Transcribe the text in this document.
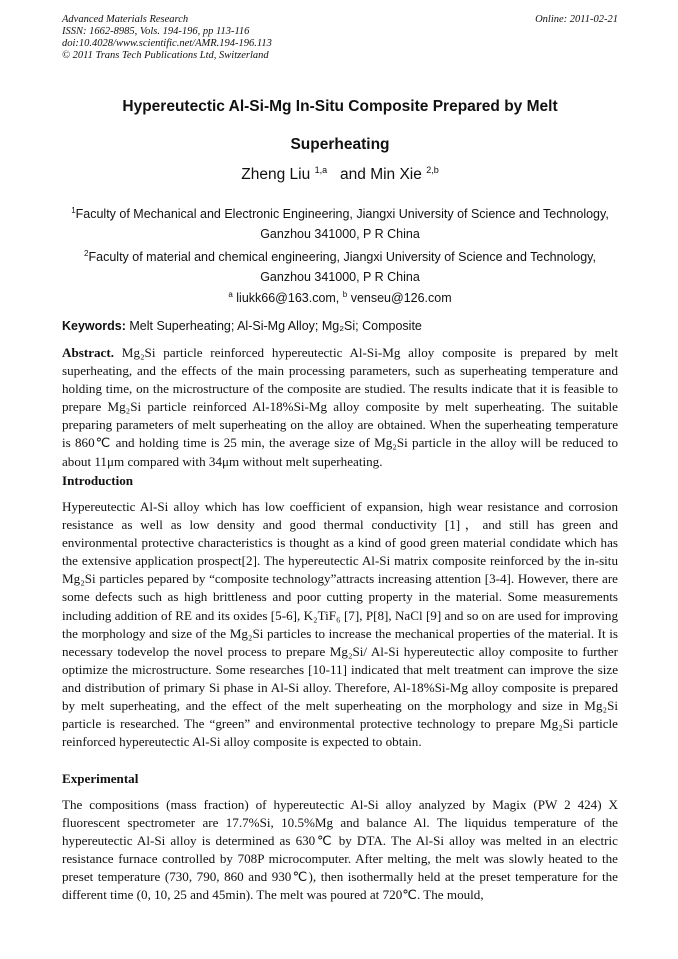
Advanced Materials Research
ISSN: 1662-8985, Vols. 194-196, pp 113-116
doi:10.4028/www.scientific.net/AMR.194-196.113
© 2011 Trans Tech Publications Ltd, Switzerland
Online: 2011-02-21
Hypereutectic Al-Si-Mg In-Situ Composite Prepared by Melt
Superheating
Zheng Liu $^{1,a}$ and Min Xie $^{2,b}$
$^1$Faculty of Mechanical and Electronic Engineering, Jiangxi University of Science and Technology,
Ganzhou 341000, P R China
$^2$Faculty of material and chemical engineering, Jiangxi University of Science and Technology,
Ganzhou 341000, P R China
$^a$ liukk66@163.com, $^b$ venseu@126.com
Keywords: Melt Superheating; Al-Si-Mg Alloy; Mg₂Si; Composite
Abstract. Mg₂Si particle reinforced hypereutectic Al-Si-Mg alloy composite is prepared by melt superheating, and the effects of the main processing parameters, such as superheating temperature and holding time, on the microstructure of the composite are studied. The results indicate that it is feasible to prepare Mg₂Si particle reinforced Al-18%Si-Mg alloy composite by melt superheating. The suitable preparing parameters of melt superheating on the alloy are obtained. When the superheating temperature is 860℃ and holding time is 25 min, the average size of Mg₂Si particle in the alloy will be reduced to about 11μm compared with 34μm without melt superheating.
Introduction
Hypereutectic Al-Si alloy which has low coefficient of expansion, high wear resistance and corrosion resistance as well as low density and good thermal conductivity [1]，and still has green and environmental protective characteristics is thought as a kind of good green material condidate which has the extensive application prospect[2]. The hypereutectic Al-Si matrix composite reinforced by the in-situ Mg₂Si particles pepared by “composite technology”attracts increasing attention [3-4]. However, there are some defects such as high brittleness and poor cutting property in the material. Some measurements including addition of RE and its oxides [5-6], K₂TiF₆ [7], P[8], NaCl [9] and so on are used for improving the morphology and size of the Mg₂Si particles to increase the mechanical properties of the material. It is necessary todevelop the novel process to prepare Mg₂Si/ Al-Si hypereutectic alloy composite to further optimize the microstructure. Some researches [10-11] indicated that melt treatment can improve the size and distribution of primary Si phase in Al-Si alloy. Therefore, Al-18%Si-Mg alloy composite is prepared by melt superheating, and the effect of the melt superheating on the morphology and size in Mg₂Si particle is researched. The “green” and environmental protective technology to prepare Mg₂Si particle reinforced hypereutectic Al-Si alloy composite is expected to obtain.
Experimental
The compositions (mass fraction) of hypereutectic Al-Si alloy analyzed by Magix (PW 2 424) X fluorescent spectrometer are 17.7%Si, 10.5%Mg and balance Al. The liquidus temperature of the hypereutectic Al-Si alloy is determined as 630℃ by DTA. The Al-Si alloy was melted in an electric resistance furnace controlled by 708P microcomputer. After melting, the melt was slowly heated to the preset temperature (730, 790, 860 and 930℃), then isothermally held at the preset temperature for the different time (0, 10, 25 and 45min). The melt was poured at 720℃. The mould,
